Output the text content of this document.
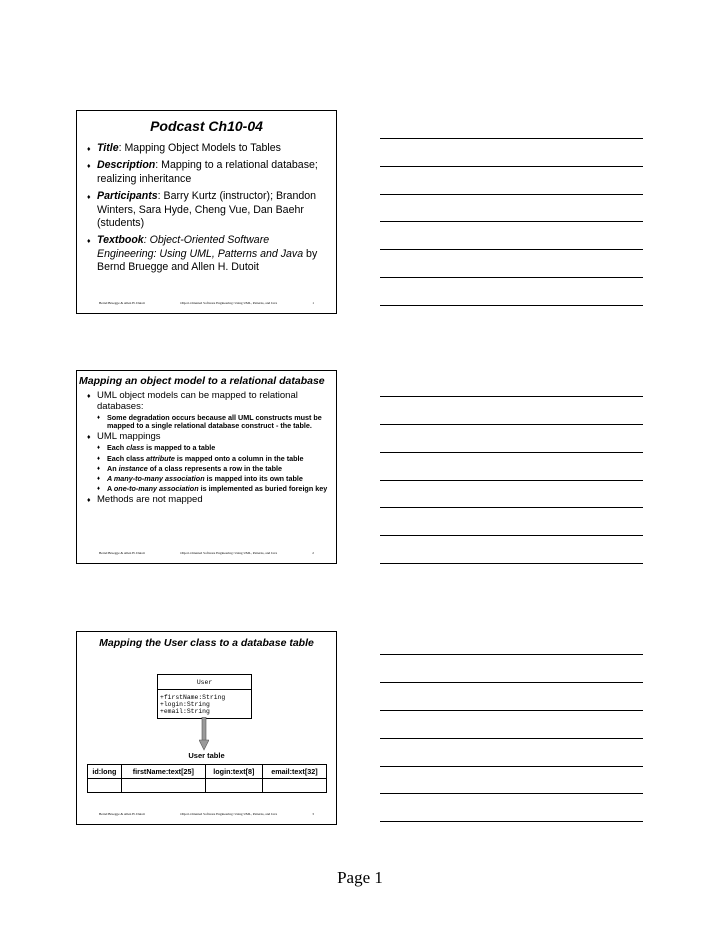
Podcast Ch10-04
♦ Title: Mapping Object Models to Tables
♦ Description: Mapping to a relational database; realizing inheritance
♦ Participants: Barry Kurtz (instructor); Brandon Winters, Sara Hyde, Cheng Vue, Dan Baehr (students)
♦ Textbook: Object-Oriented Software Engineering: Using UML, Patterns and Java by Bernd Bruegge and Allen H. Dutoit
Bernd Bruegge & Allen H. Dutoit	Object-Oriented Software Engineering: Using UML, Patterns, and Java	1
Mapping an object model to a relational database
♦ UML object models can be mapped to relational databases:
♦ Some degradation occurs because all UML constructs must be mapped to a single relational database construct - the table.
♦ UML mappings
♦ Each class is mapped to a table
♦ Each class attribute is mapped onto a column in the table
♦ An instance of a class represents a row in the table
♦ A many-to-many association is mapped into its own table
♦ A one-to-many association is implemented as buried foreign key
♦ Methods are not mapped
Bernd Bruegge & Allen H. Dutoit	Object-Oriented Software Engineering: Using UML, Patterns, and Java	2
Mapping the User class to a database table
User
+firstName:String
+login:String
+email:String
User table
id:long	firstName:text[25]	login:text[8]	email:text[32]

Bernd Bruegge & Allen H. Dutoit	Object-Oriented Software Engineering: Using UML, Patterns, and Java	3
Page 1
